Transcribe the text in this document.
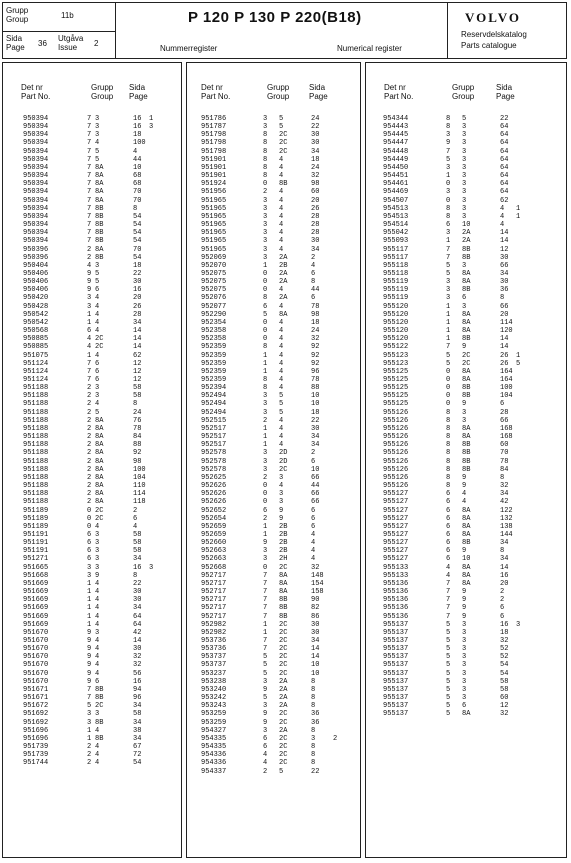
Grupp
Group	11b
Sida
Page 36
Utgåva
Issue	2
P 120 P 130 P 220(B18)
Nummerregister	Numerical register
VOLVO
Reservdelskatalog
Parts catalogue
Det nr
Part No.
Grupp
Group
Sida
Page
950394	7 3	16 1
950394	7 3	16 3
950394	7 3	18
950394	7 4	100
950394	7 5	4
950394	7 5	44
950394	7 8A	10
950394	7 8A	68
950394	7 8A	68
950394	7 8A	70
950394	7 8A	70
950394	7 8B	8
950394	7 8B	54
950394	7 8B	54
950394	7 8B	54
950394	7 8B	54
950396	2 8A	70
950396	2 8B	54
950404	4 3	18
950406	9 5	22
950406	9 5	30
950406	9 6	16
950420	3 4	20
950428	3 4	26
950542	1 4	28
950542	1 4	34
950568	6 4	14
950885	4 2C	14
950885	4 2C	14
951075	1 4	62
951124	7 6	12
951124	7 6	12
951124	7 6	12
951188	2 3	58
951188	2 3	58
951188	2 4	8
951188	2 5	24
951188	2 8A	76
951188	2 8A	78
951188	2 8A	84
951188	2 8A	88
951188	2 8A	92
951188	2 8A	98
951188	2 8A	100
951188	2 8A	104
951188	2 8A	110
951188	2 8A	114
951188	2 8A	118
951189	0 2C	2
951189	0 2C	6
951189	0 4	4
951191	6 3	58
951191	6 3	58
951191	6 3	58
951271	6 3	34
951665	3 3	16 3
951668	3 9	8
951669	1 4	22
951669	1 4	30
951669	1 4	30
951669	1 4	34
951669	1 4	64
951669	1 4	64
951670	9 3	42
951670	9 4	14
951670	9 4	30
951670	9 4	32
951670	9 4	32
951670	9 4	56
951670	9 6	16
951671	7 8B	94
951671	7 8B	96
951672	5 2C	34
951692	3 3	58
951692	3 8B	34
951696	1 4	38
951696	1 8B	34
951739	2 4	67
951739	2 4	72
951744	2 4	54
Det nr
Part No.
Grupp
Group
Sida
Page
951786	3 5	24
951787	3 5	22
951798	8 2C	30
951798	8 2C	30
951798	8 2C	34
951901	8 4	18
951901	8 4	24
951901	8 4	32
951924	0 8B	98
951956	2 4	60
951965	3 4	20
951965	3 4	26
951965	3 4	28
951965	3 4	28
951965	3 4	28
951965	3 4	30
951965	3 4	34
952069	3 2A	2
952070	1 2B	4
952075	0 2A	6
952075	0 2A	8
952075	0 4	44
952076	8 2A	6
952077	6 4	78
952290	5 8A	98
952354	0 4	18
952358	0 4	24
952358	0 4	32
952359	8 4	92
952359	1 4	92
952359	1 4	92
952359	1 4	96
952359	8 4	78
952394	8 4	88
952494	3 5	10
952494	3 5	10
952494	3 5	18
952515	2 4	22
952517	1 4	30
952517	1 4	34
952517	1 4	34
952578	3 2D	2
952578	3 2D	6
952578	3 2C	10
952625	2 3	66
952626	0 4	44
952626	0 3	66
952626	0 3	66
952652	6 9	6
952654	2 9	6
952659	1 2B	6
952659	1 2B	4
952660	9 2B	4
952663	3 2B	4
952663	3 2H	4
952668	0 2C	32
952717	7 8A	148
952717	7 8A	154
952717	7 8A	158
952717	7 8B	90
952717	7 8B	82
952717	7 8B	86
952982	1 2C	30
952982	1 2C	30
953736	7 2C	34
953736	7 2C	14
953737	5 2C	14
953737	5 2C	10
953237	5 2C	10
953238	3 2A	8
953240	9 2A	8
953242	5 2A	8
953243	3 2A	8
953259	9 2C	36
953259	9 2C	36
954327	3 2A	8
954335	6 2C	3	2
954335	6 2C	8
954336	4 2C	8
954336	4 2C	8
954337	2 5	22
Det nr
Part No.
Grupp
Group
Sida
Page
954344	8 5	22
954443	8 3	64
954445	3 3	64
954447	9 3	64
954448	7 3	64
954449	5 3	64
954450	3 3	64
954451	1 3	64
954461	0 3	64
954469	3 3	64
954507	0 3	62
954513	8 3	4 1
954513	8 3	4 1
954514	6 10	4
955042	3 2A	14
955093	1 2A	14
955117	7 8B	12
955117	7 8B	30
955118	5 3	66
955118	5 8A	34
955119	3 8A	30
955119	3 8B	36
955119	3 6	8
955120	1 3	66
955120	1 8A	20
955120	1 8A	114
955120	1 8A	120
955120	1 8B	14
955122	7 9	14
955123	5 2C	26 1
955123	5 2C	26 5
955125	0 8A	164
955125	0 8A	164
955125	0 8B	100
955125	0 8B	104
955125	0 9	6
955126	8 3	28
955126	8 3	66
955126	8 8A	168
955126	8 8A	168
955126	8 8B	60
955126	8 8B	70
955126	8 8B	78
955126	8 8B	84
955126	8 9	8
955126	8 9	32
955127	6 4	34
955127	6 4	42
955127	6 8A	122
955127	6 8A	132
955127	6 8A	138
955127	6 8A	144
955127	6 8B	34
955127	6 9	8
955127	6 10	34
955133	4 8A	14
955133	4 8A	16
955136	7 8A	20
955136	7 9	2
955136	7 9	2
955136	7 9	6
955136	7 9	6
955137	5 3	16 3
955137	5 3	18
955137	5 3	32
955137	5 3	52
955137	5 3	52
955137	5 3	54
955137	5 3	54
955137	5 3	58
955137	5 3	58
955137	5 3	60
955137	5 6	12
955137	5 8A	32
